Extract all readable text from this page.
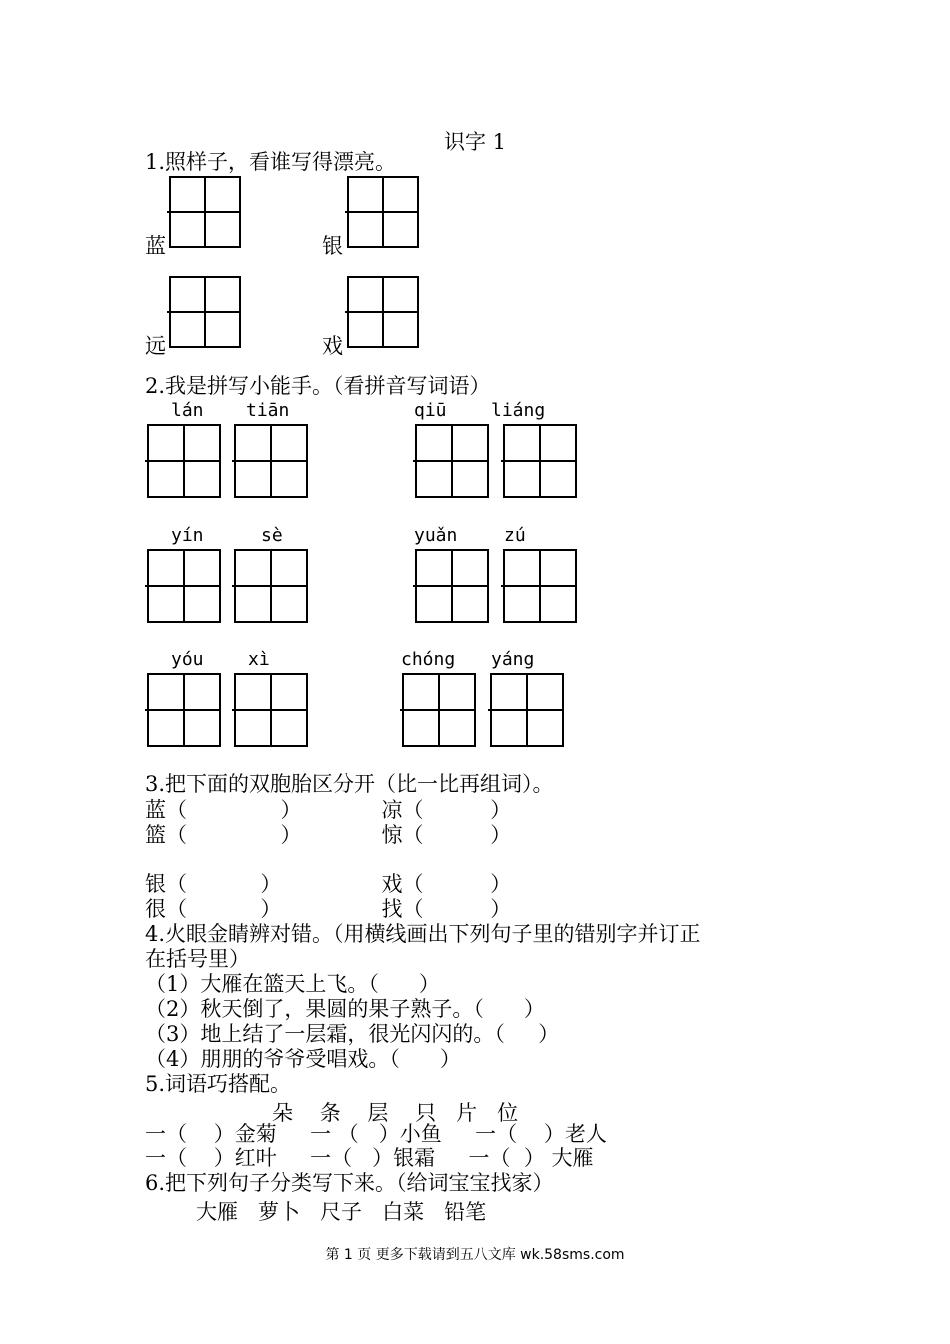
识字 1
1.照样子，看谁写得漂亮。
蓝	银
远	戏
2.我是拼写小能手。（看拼音写词语）
lán tiān	qiū liáng
yín	sè	yuǎn	zú
yóu xì	chóng yáng
3.把下面的双胞胎区分开（比一比再组词）。
蓝（              ）            凉（          ）
篮（              ）            惊（          ）
银（           ）               戏（          ）
很（           ）               找（          ）
4.火眼金睛辨对错。（用横线画出下列句子里的错别字并订正
在括号里）
（1）大雁在篮天上飞。（      ）
（2）秋天倒了，果圆的果子熟子。（      ）
（3）地上结了一层霜，很光闪闪的。（     ）
（4）朋朋的爷爷受唱戏。（      ）
5.词语巧搭配。
朵    条    层    只   片   位
一（    ）金菊     一 （   ）小鱼     一（    ）老人
一（    ）红叶     一（   ）银霜     一（  ） 大雁
6.把下列句子分类写下来。（给词宝宝找家）
大雁   萝卜   尺子   白菜   铅笔
第 1 页 更多下载请到五八文库 wk.58sms.com
